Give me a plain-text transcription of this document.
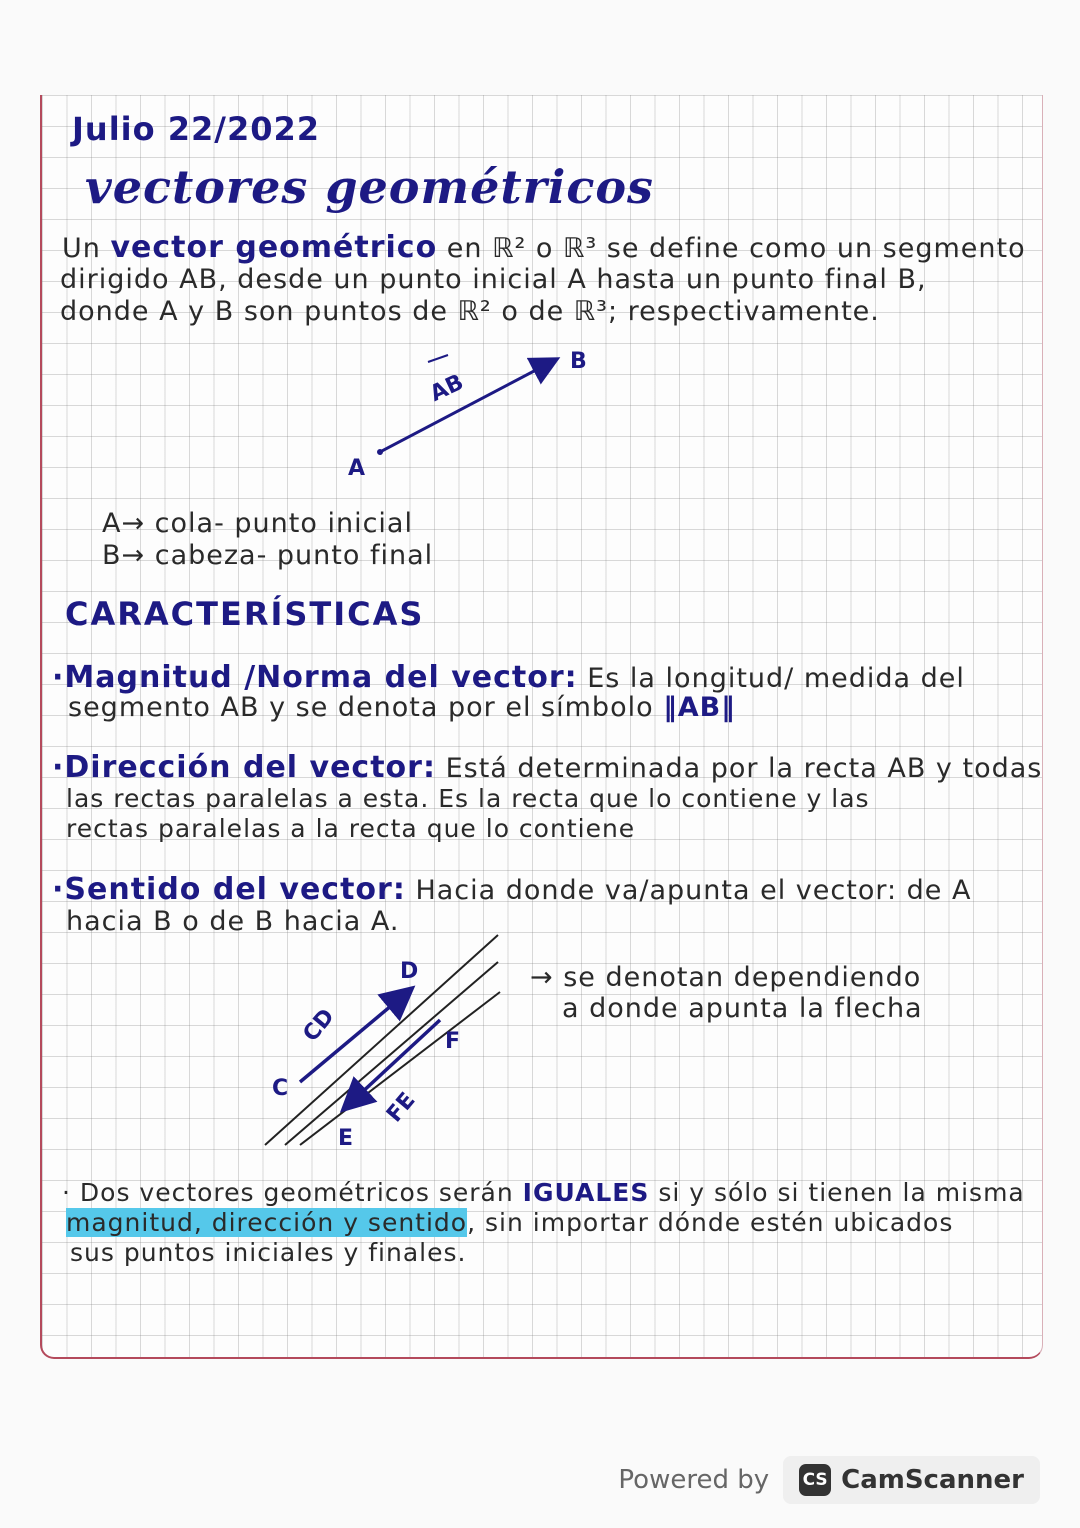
Julio 22/2022
vectores geométricos
Un vector geométrico en ℝ² o ℝ³ se define como un segmento
dirigido AB, desde un punto inicial A hasta un punto final B,
donde A y B son puntos de ℝ² o de ℝ³; respectivamente.
AB
A
B
C
D
CD	F
E
FE
A→ cola- punto inicial
B→ cabeza- punto final
CARACTERÍSTICAS
·Magnitud /Norma del vector: Es la longitud/ medida del
segmento AB y se denota por el símbolo ‖AB‖
·Dirección del vector: Está determinada por la recta AB y todas
las rectas paralelas a esta. Es la recta que lo contiene y las
rectas paralelas a la recta que lo contiene
·Sentido del vector: Hacia donde va/apunta el vector: de A
hacia B o de B hacia A.
→ se denotan dependiendo
a donde apunta la flecha
· Dos vectores geométricos serán IGUALES si y sólo si tienen la misma
magnitud, dirección y sentido, sin importar dónde estén ubicados
sus puntos iniciales y finales.
Powered by CS CamScanner
